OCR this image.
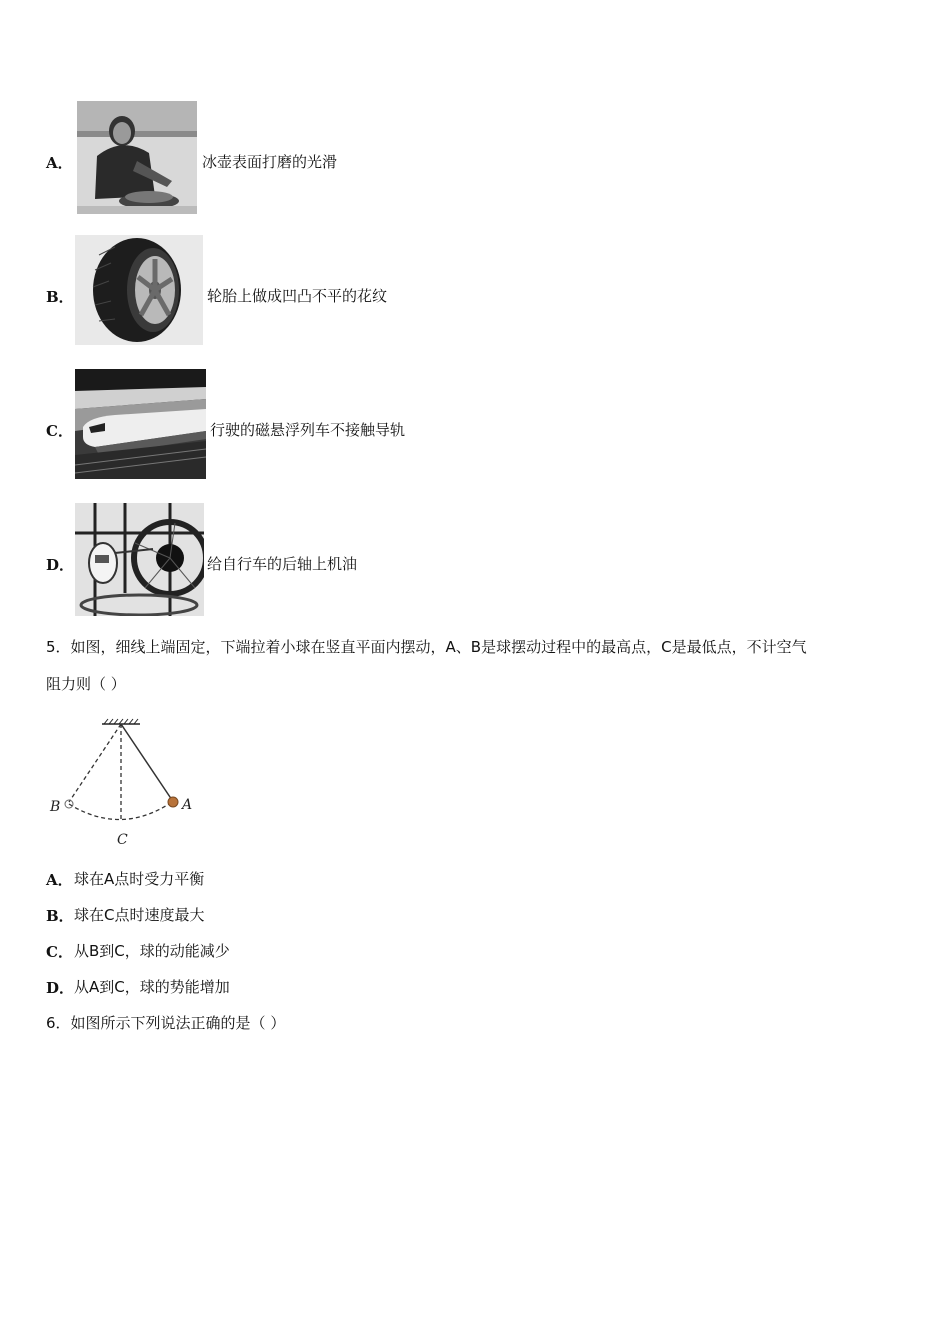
A．	冰壶表面打磨的光滑
B．	轮胎上做成凹凸不平的花纹
C．	行驶的磁悬浮列车不接触导轨
D．	给自行车的后轴上机油
5．如图，细线上端固定，下端拉着小球在竖直平面内摆动，A、B是球摆动过程中的最高点，C是最低点，不计空气
阻力则（ ）
B	A
C
A． 球在A点时受力平衡
B． 球在C点时速度最大
C． 从B到C，球的动能减少
D． 从A到C，球的势能增加
6．如图所示下列说法正确的是（ ）
